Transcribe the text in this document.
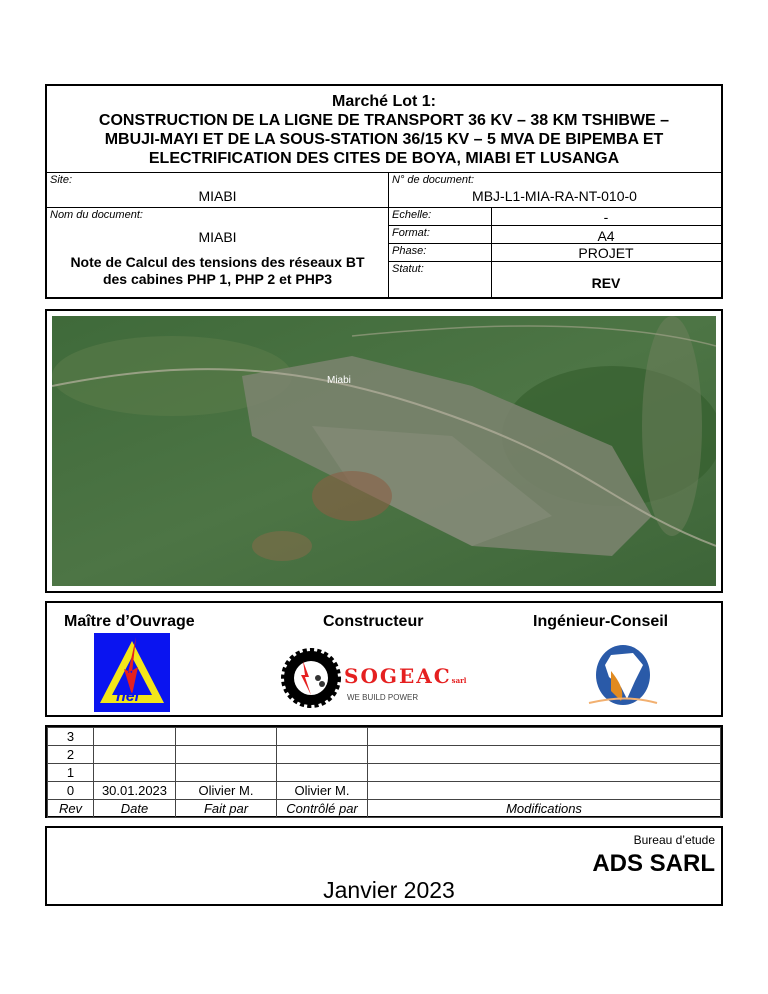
Marché Lot 1:
CONSTRUCTION DE LA LIGNE DE TRANSPORT 36 KV – 38 KM TSHIBWE –
MBUJI-MAYI ET DE LA SOUS-STATION 36/15 KV – 5 MVA DE BIPEMBA ET
ELECTRIFICATION DES CITES DE BOYA, MIABI ET LUSANGA
Site:
MIABI
N° de document:
MBJ-L1-MIA-RA-NT-010-0
Nom du document:
MIABI
Note de Calcul des tensions des réseaux BT
des cabines PHP 1, PHP 2 et PHP3
Echelle:	-
Format:	A4
Phase:	PROJET
Statut:
REV
Miabi
Maître d’Ouvrage	Constructeur	Ingénieur-Conseil
nel
SOGEACsarl
WE BUILD POWER
3				
2				
1				
0	30.01.2023	Olivier M.	Olivier M.	
Rev	Date	Fait par	Contrôlé par	Modifications
Bureau d’etude
ADS SARL
Janvier 2023
